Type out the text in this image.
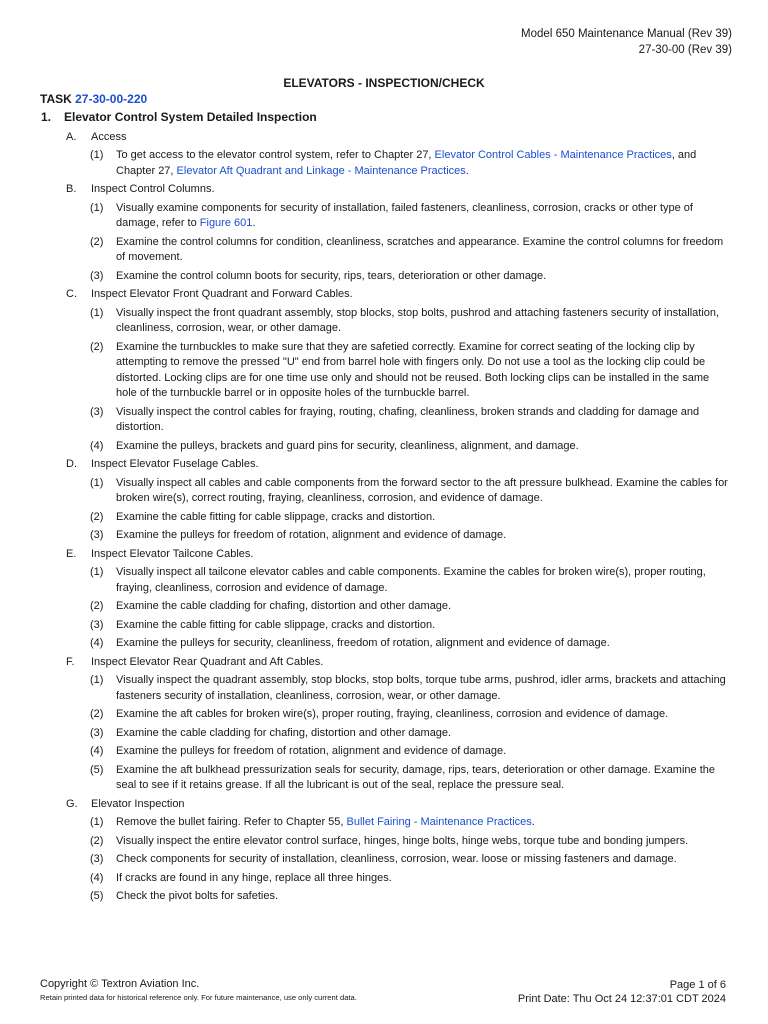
Model 650 Maintenance Manual (Rev 39)
27-30-00 (Rev 39)
ELEVATORS - INSPECTION/CHECK
TASK 27-30-00-220
1.	Elevator Control System Detailed Inspection
A.	Access
(1)	To get access to the elevator control system, refer to Chapter 27, Elevator Control Cables - Maintenance Practices, and Chapter 27, Elevator Aft Quadrant and Linkage - Maintenance Practices.
B.	Inspect Control Columns.
(1)	Visually examine components for security of installation, failed fasteners, cleanliness, corrosion, cracks or other type of damage, refer to Figure 601.
(2)	Examine the control columns for condition, cleanliness, scratches and appearance. Examine the control columns for freedom of movement.
(3)	Examine the control column boots for security, rips, tears, deterioration or other damage.
C.	Inspect Elevator Front Quadrant and Forward Cables.
(1)	Visually inspect the front quadrant assembly, stop blocks, stop bolts, pushrod and attaching fasteners security of installation, cleanliness, corrosion, wear, or other damage.
(2)	Examine the turnbuckles to make sure that they are safetied correctly. Examine for correct seating of the locking clip by attempting to remove the pressed "U" end from barrel hole with fingers only. Do not use a tool as the locking clip could be distorted. Locking clips are for one time use only and should not be reused. Both locking clips can be installed in the same hole of the turnbuckle barrel or in opposite holes of the turnbuckle barrel.
(3)	Visually inspect the control cables for fraying, routing, chafing, cleanliness, broken strands and cladding for damage and distortion.
(4)	Examine the pulleys, brackets and guard pins for security, cleanliness, alignment, and damage.
D.	Inspect Elevator Fuselage Cables.
(1)	Visually inspect all cables and cable components from the forward sector to the aft pressure bulkhead. Examine the cables for broken wire(s), correct routing, fraying, cleanliness, corrosion, and evidence of damage.
(2)	Examine the cable fitting for cable slippage, cracks and distortion.
(3)	Examine the pulleys for freedom of rotation, alignment and evidence of damage.
E.	Inspect Elevator Tailcone Cables.
(1)	Visually inspect all tailcone elevator cables and cable components. Examine the cables for broken wire(s), proper routing, fraying, cleanliness, corrosion and evidence of damage.
(2)	Examine the cable cladding for chafing, distortion and other damage.
(3)	Examine the cable fitting for cable slippage, cracks and distortion.
(4)	Examine the pulleys for security, cleanliness, freedom of rotation, alignment and evidence of damage.
F.	Inspect Elevator Rear Quadrant and Aft Cables.
(1)	Visually inspect the quadrant assembly, stop blocks, stop bolts, torque tube arms, pushrod, idler arms, brackets and attaching fasteners security of installation, cleanliness, corrosion, wear, or other damage.
(2)	Examine the aft cables for broken wire(s), proper routing, fraying, cleanliness, corrosion and evidence of damage.
(3)	Examine the cable cladding for chafing, distortion and other damage.
(4)	Examine the pulleys for freedom of rotation, alignment and evidence of damage.
(5)	Examine the aft bulkhead pressurization seals for security, damage, rips, tears, deterioration or other damage. Examine the seal to see if it retains grease. If all the lubricant is out of the seal, replace the pressure seal.
G.	Elevator Inspection
(1)	Remove the bullet fairing. Refer to Chapter 55, Bullet Fairing - Maintenance Practices.
(2)	Visually inspect the entire elevator control surface, hinges, hinge bolts, hinge webs, torque tube and bonding jumpers.
(3)	Check components for security of installation, cleanliness, corrosion, wear. loose or missing fasteners and damage.
(4)	If cracks are found in any hinge, replace all three hinges.
(5)	Check the pivot bolts for safeties.
Copyright © Textron Aviation Inc.
Retain printed data for historical reference only. For future maintenance, use only current data.
Page 1 of 6
Print Date: Thu Oct 24 12:37:01 CDT 2024
